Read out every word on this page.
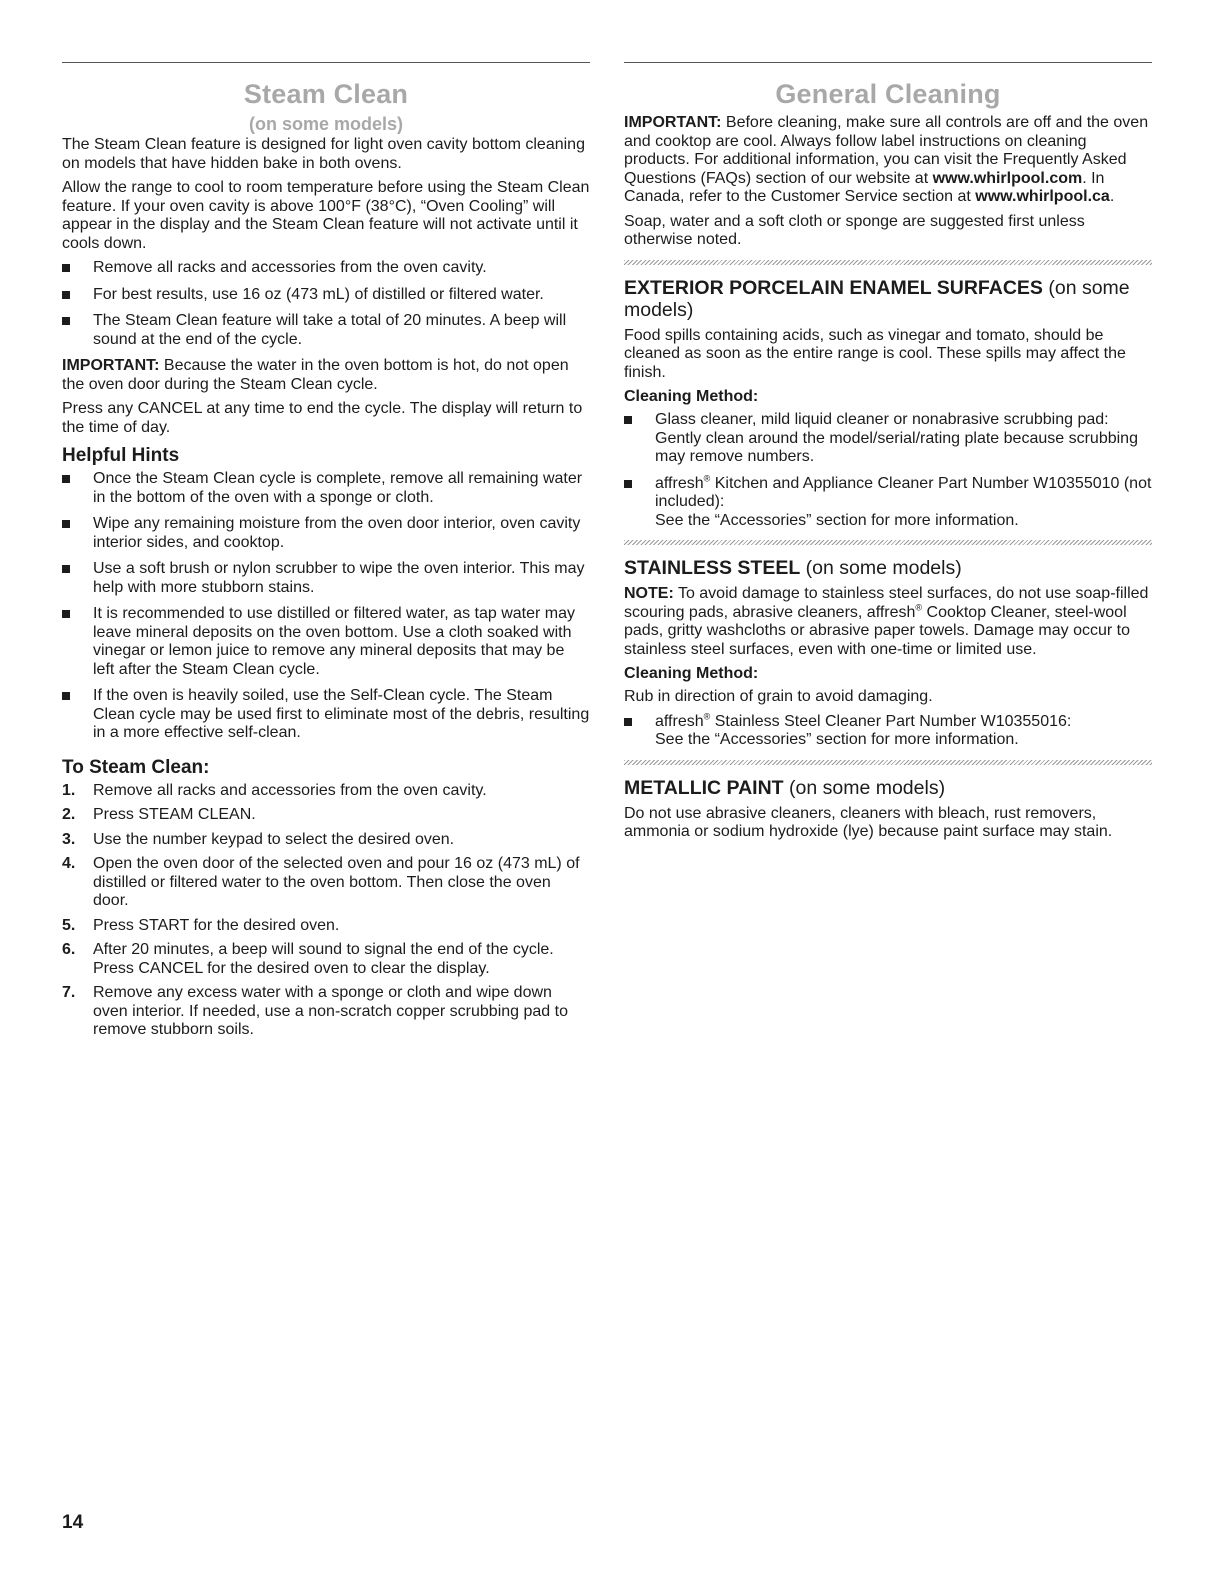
Steam Clean
(on some models)

The Steam Clean feature is designed for light oven cavity bottom cleaning on models that have hidden bake in both ovens.

Allow the range to cool to room temperature before using the Steam Clean feature. If your oven cavity is above 100°F (38°C), “Oven Cooling” will appear in the display and the Steam Clean feature will not activate until it cools down.

Remove all racks and accessories from the oven cavity.
For best results, use 16 oz (473 mL) of distilled or filtered water.
The Steam Clean feature will take a total of 20 minutes. A beep will sound at the end of the cycle.

IMPORTANT: Because the water in the oven bottom is hot, do not open the oven door during the Steam Clean cycle.

Press any CANCEL at any time to end the cycle. The display will return to the time of day.

Helpful Hints
Once the Steam Clean cycle is complete, remove all remaining water in the bottom of the oven with a sponge or cloth.
Wipe any remaining moisture from the oven door interior, oven cavity interior sides, and cooktop.
Use a soft brush or nylon scrubber to wipe the oven interior. This may help with more stubborn stains.
It is recommended to use distilled or filtered water, as tap water may leave mineral deposits on the oven bottom. Use a cloth soaked with vinegar or lemon juice to remove any mineral deposits that may be left after the Steam Clean cycle.
If the oven is heavily soiled, use the Self-Clean cycle. The Steam Clean cycle may be used first to eliminate most of the debris, resulting in a more effective self-clean.
To Steam Clean:
1. Remove all racks and accessories from the oven cavity.
2. Press STEAM CLEAN.
3. Use the number keypad to select the desired oven.
4. Open the oven door of the selected oven and pour 16 oz (473 mL) of distilled or filtered water to the oven bottom. Then close the oven door.
5. Press START for the desired oven.
6. After 20 minutes, a beep will sound to signal the end of the cycle. Press CANCEL for the desired oven to clear the display.
7. Remove any excess water with a sponge or cloth and wipe down oven interior. If needed, use a non-scratch copper scrubbing pad to remove stubborn soils.
General Cleaning

IMPORTANT: Before cleaning, make sure all controls are off and the oven and cooktop are cool. Always follow label instructions on cleaning products. For additional information, you can visit the Frequently Asked Questions (FAQs) section of our website at www.whirlpool.com. In Canada, refer to the Customer Service section at www.whirlpool.ca.

Soap, water and a soft cloth or sponge are suggested first unless otherwise noted.

EXTERIOR PORCELAIN ENAMEL SURFACES (on some models)

Food spills containing acids, such as vinegar and tomato, should be cleaned as soon as the entire range is cool. These spills may affect the finish.

Cleaning Method:
Glass cleaner, mild liquid cleaner or nonabrasive scrubbing pad:
Gently clean around the model/serial/rating plate because scrubbing may remove numbers.
affresh® Kitchen and Appliance Cleaner Part Number W10355010 (not included):
See the “Accessories” section for more information.
STAINLESS STEEL (on some models)

NOTE: To avoid damage to stainless steel surfaces, do not use soap-filled scouring pads, abrasive cleaners, affresh® Cooktop Cleaner, steel-wool pads, gritty washcloths or abrasive paper towels. Damage may occur to stainless steel surfaces, even with one-time or limited use.

Cleaning Method:

Rub in direction of grain to avoid damaging.

affresh® Stainless Steel Cleaner Part Number W10355016:
See the “Accessories” section for more information.
METALLIC PAINT (on some models)

Do not use abrasive cleaners, cleaners with bleach, rust removers, ammonia or sodium hydroxide (lye) because paint surface may stain.

14
